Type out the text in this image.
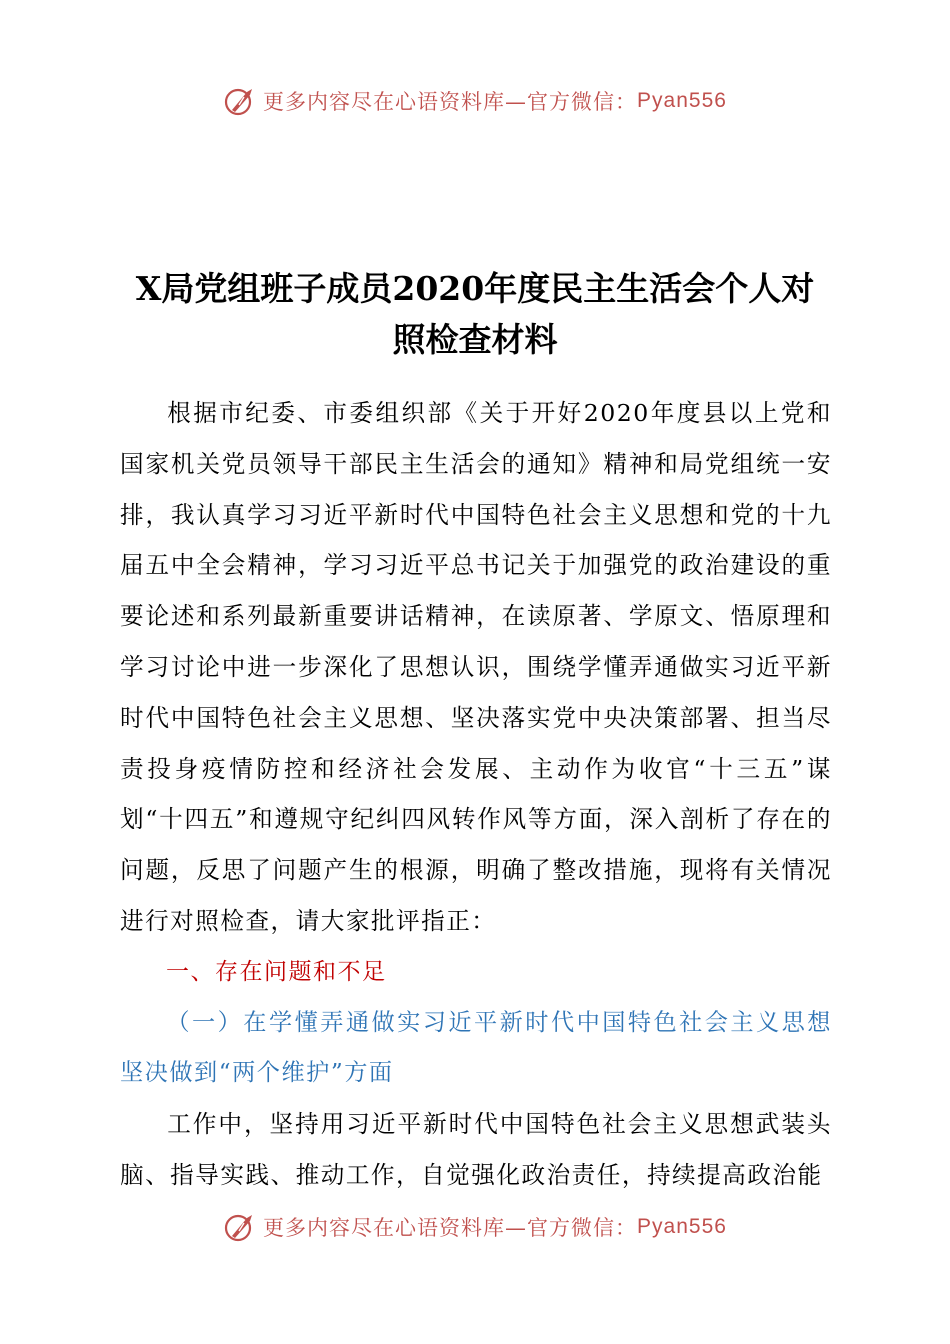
更多内容尽在心语资料库—官方微信： Pyan556
X局党组班子成员2020年度民主生活会个人对
照检查材料

根据市纪委、市委组织部《关于开好2020年度县以上党和国家机关党员领导干部民主生活会的通知》精神和局党组统一安排，我认真学习习近平新时代中国特色社会主义思想和党的十九届五中全会精神，学习习近平总书记关于加强党的政治建设的重要论述和系列最新重要讲话精神，在读原著、学原文、悟原理和学习讨论中进一步深化了思想认识，围绕学懂弄通做实习近平新时代中国特色社会主义思想、坚决落实党中央决策部署、担当尽责投身疫情防控和经济社会发展、主动作为收官“十三五”谋划“十四五”和遵规守纪纠四风转作风等方面，深入剖析了存在的问题，反思了问题产生的根源，明确了整改措施，现将有关情况进行对照检查，请大家批评指正：

一、存在问题和不足

（一）在学懂弄通做实习近平新时代中国特色社会主义思想坚决做到“两个维护”方面

工作中，坚持用习近平新时代中国特色社会主义思想武装头脑、指导实践、推动工作，自觉强化政治责任，持续提高政治能

更多内容尽在心语资料库—官方微信： Pyan556
